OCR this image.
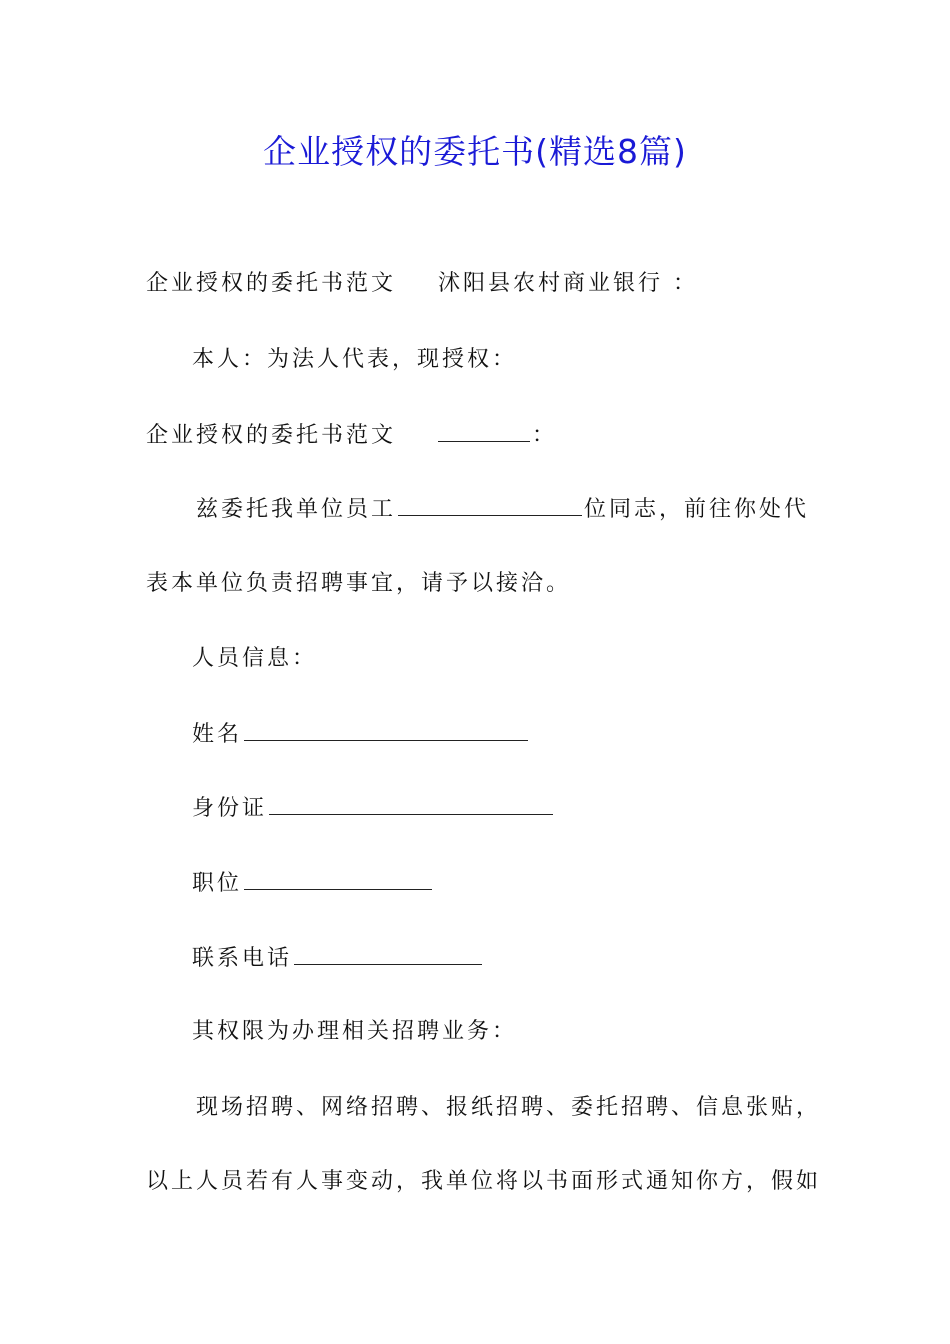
企业授权的委托书(精选8篇)
企业授权的委托书范文 沭阳县农村商业银行 ：
本人：为法人代表，现授权：
企业授权的委托书范文	：
兹委托我单位员工	位同志，前往你处代
表本单位负责招聘事宜，请予以接洽。
人员信息：
姓名
身份证
职位
联系电话
其权限为办理相关招聘业务：
现场招聘、网络招聘、报纸招聘、委托招聘、信息张贴，
以上人员若有人事变动，我单位将以书面形式通知你方，假如
